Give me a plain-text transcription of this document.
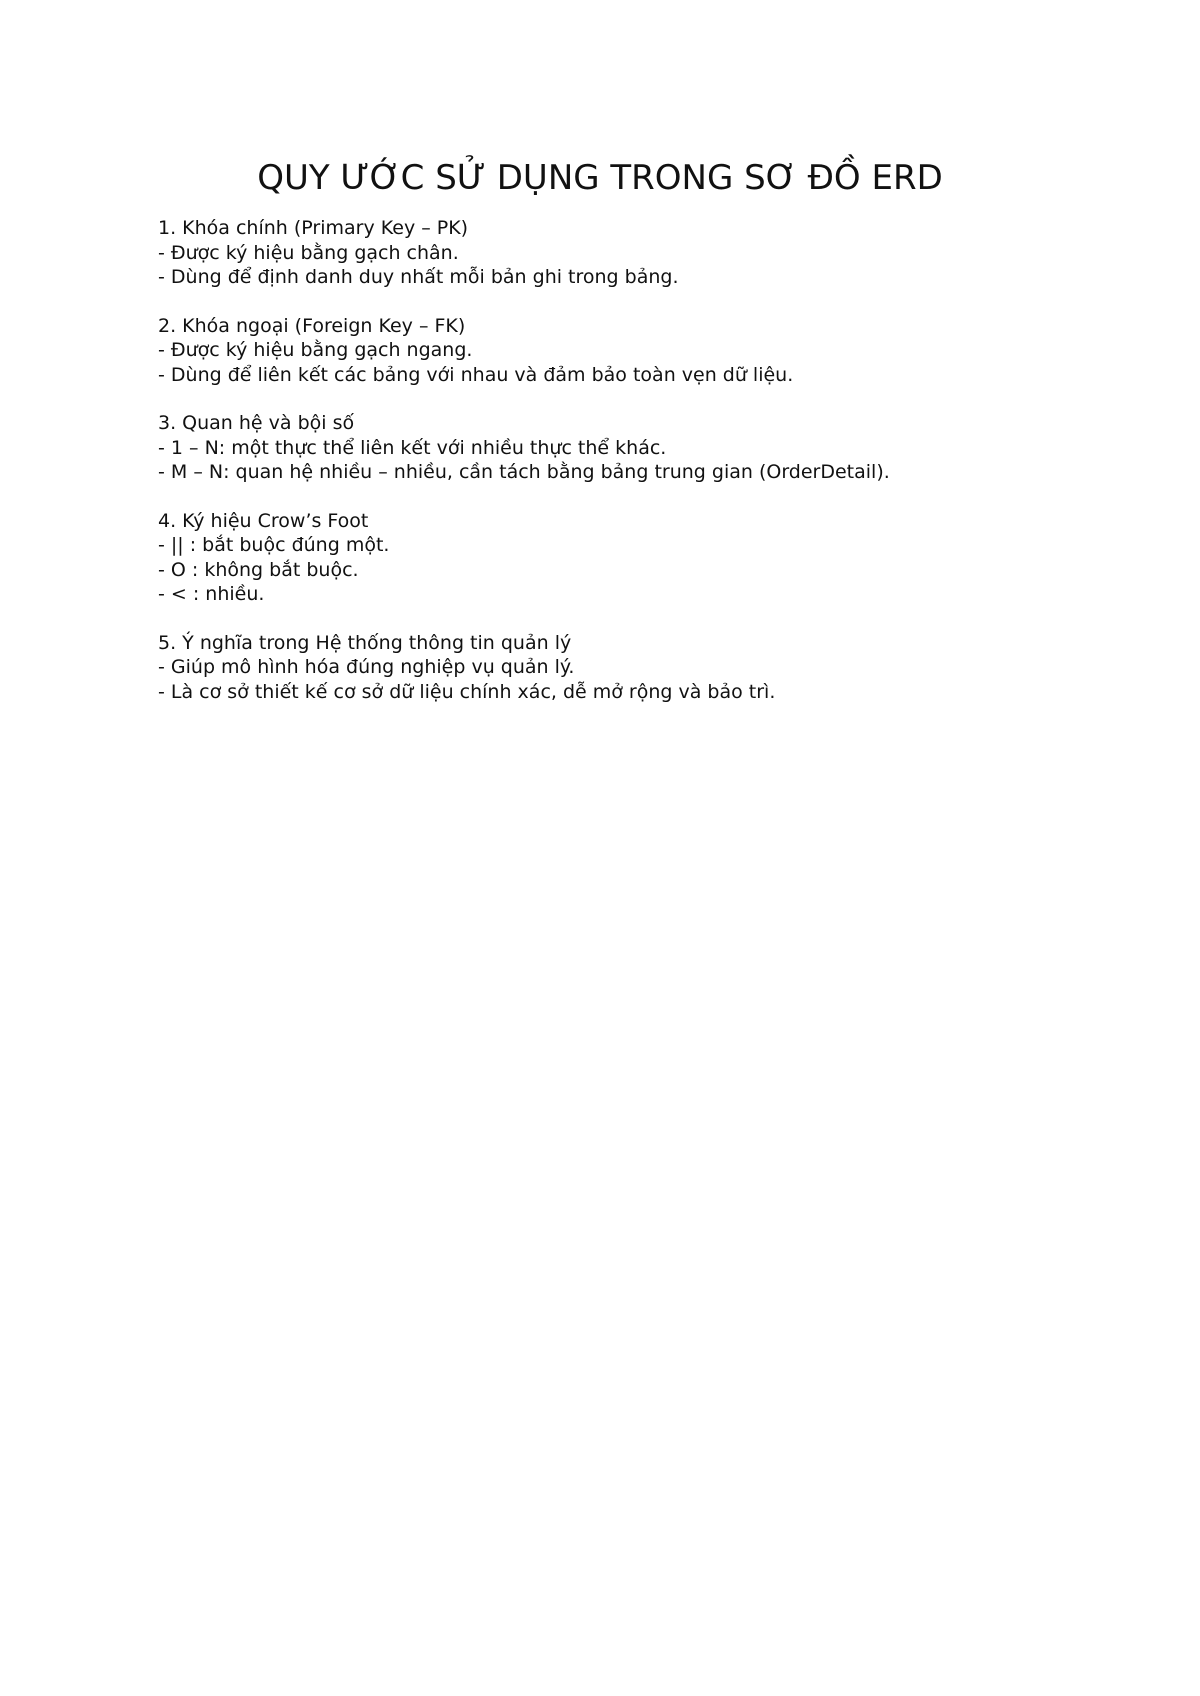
QUY ƯỚC SỬ DỤNG TRONG SƠ ĐỒ ERD
1. Khóa chính (Primary Key – PK)
- Được ký hiệu bằng gạch chân.
- Dùng để định danh duy nhất mỗi bản ghi trong bảng.
2. Khóa ngoại (Foreign Key – FK)
- Được ký hiệu bằng gạch ngang.
- Dùng để liên kết các bảng với nhau và đảm bảo toàn vẹn dữ liệu.
3. Quan hệ và bội số
- 1 – N: một thực thể liên kết với nhiều thực thể khác.
- M – N: quan hệ nhiều – nhiều, cần tách bằng bảng trung gian (OrderDetail).
4. Ký hiệu Crow’s Foot
- || : bắt buộc đúng một.
- O : không bắt buộc.
- < : nhiều.
5. Ý nghĩa trong Hệ thống thông tin quản lý
- Giúp mô hình hóa đúng nghiệp vụ quản lý.
- Là cơ sở thiết kế cơ sở dữ liệu chính xác, dễ mở rộng và bảo trì.
